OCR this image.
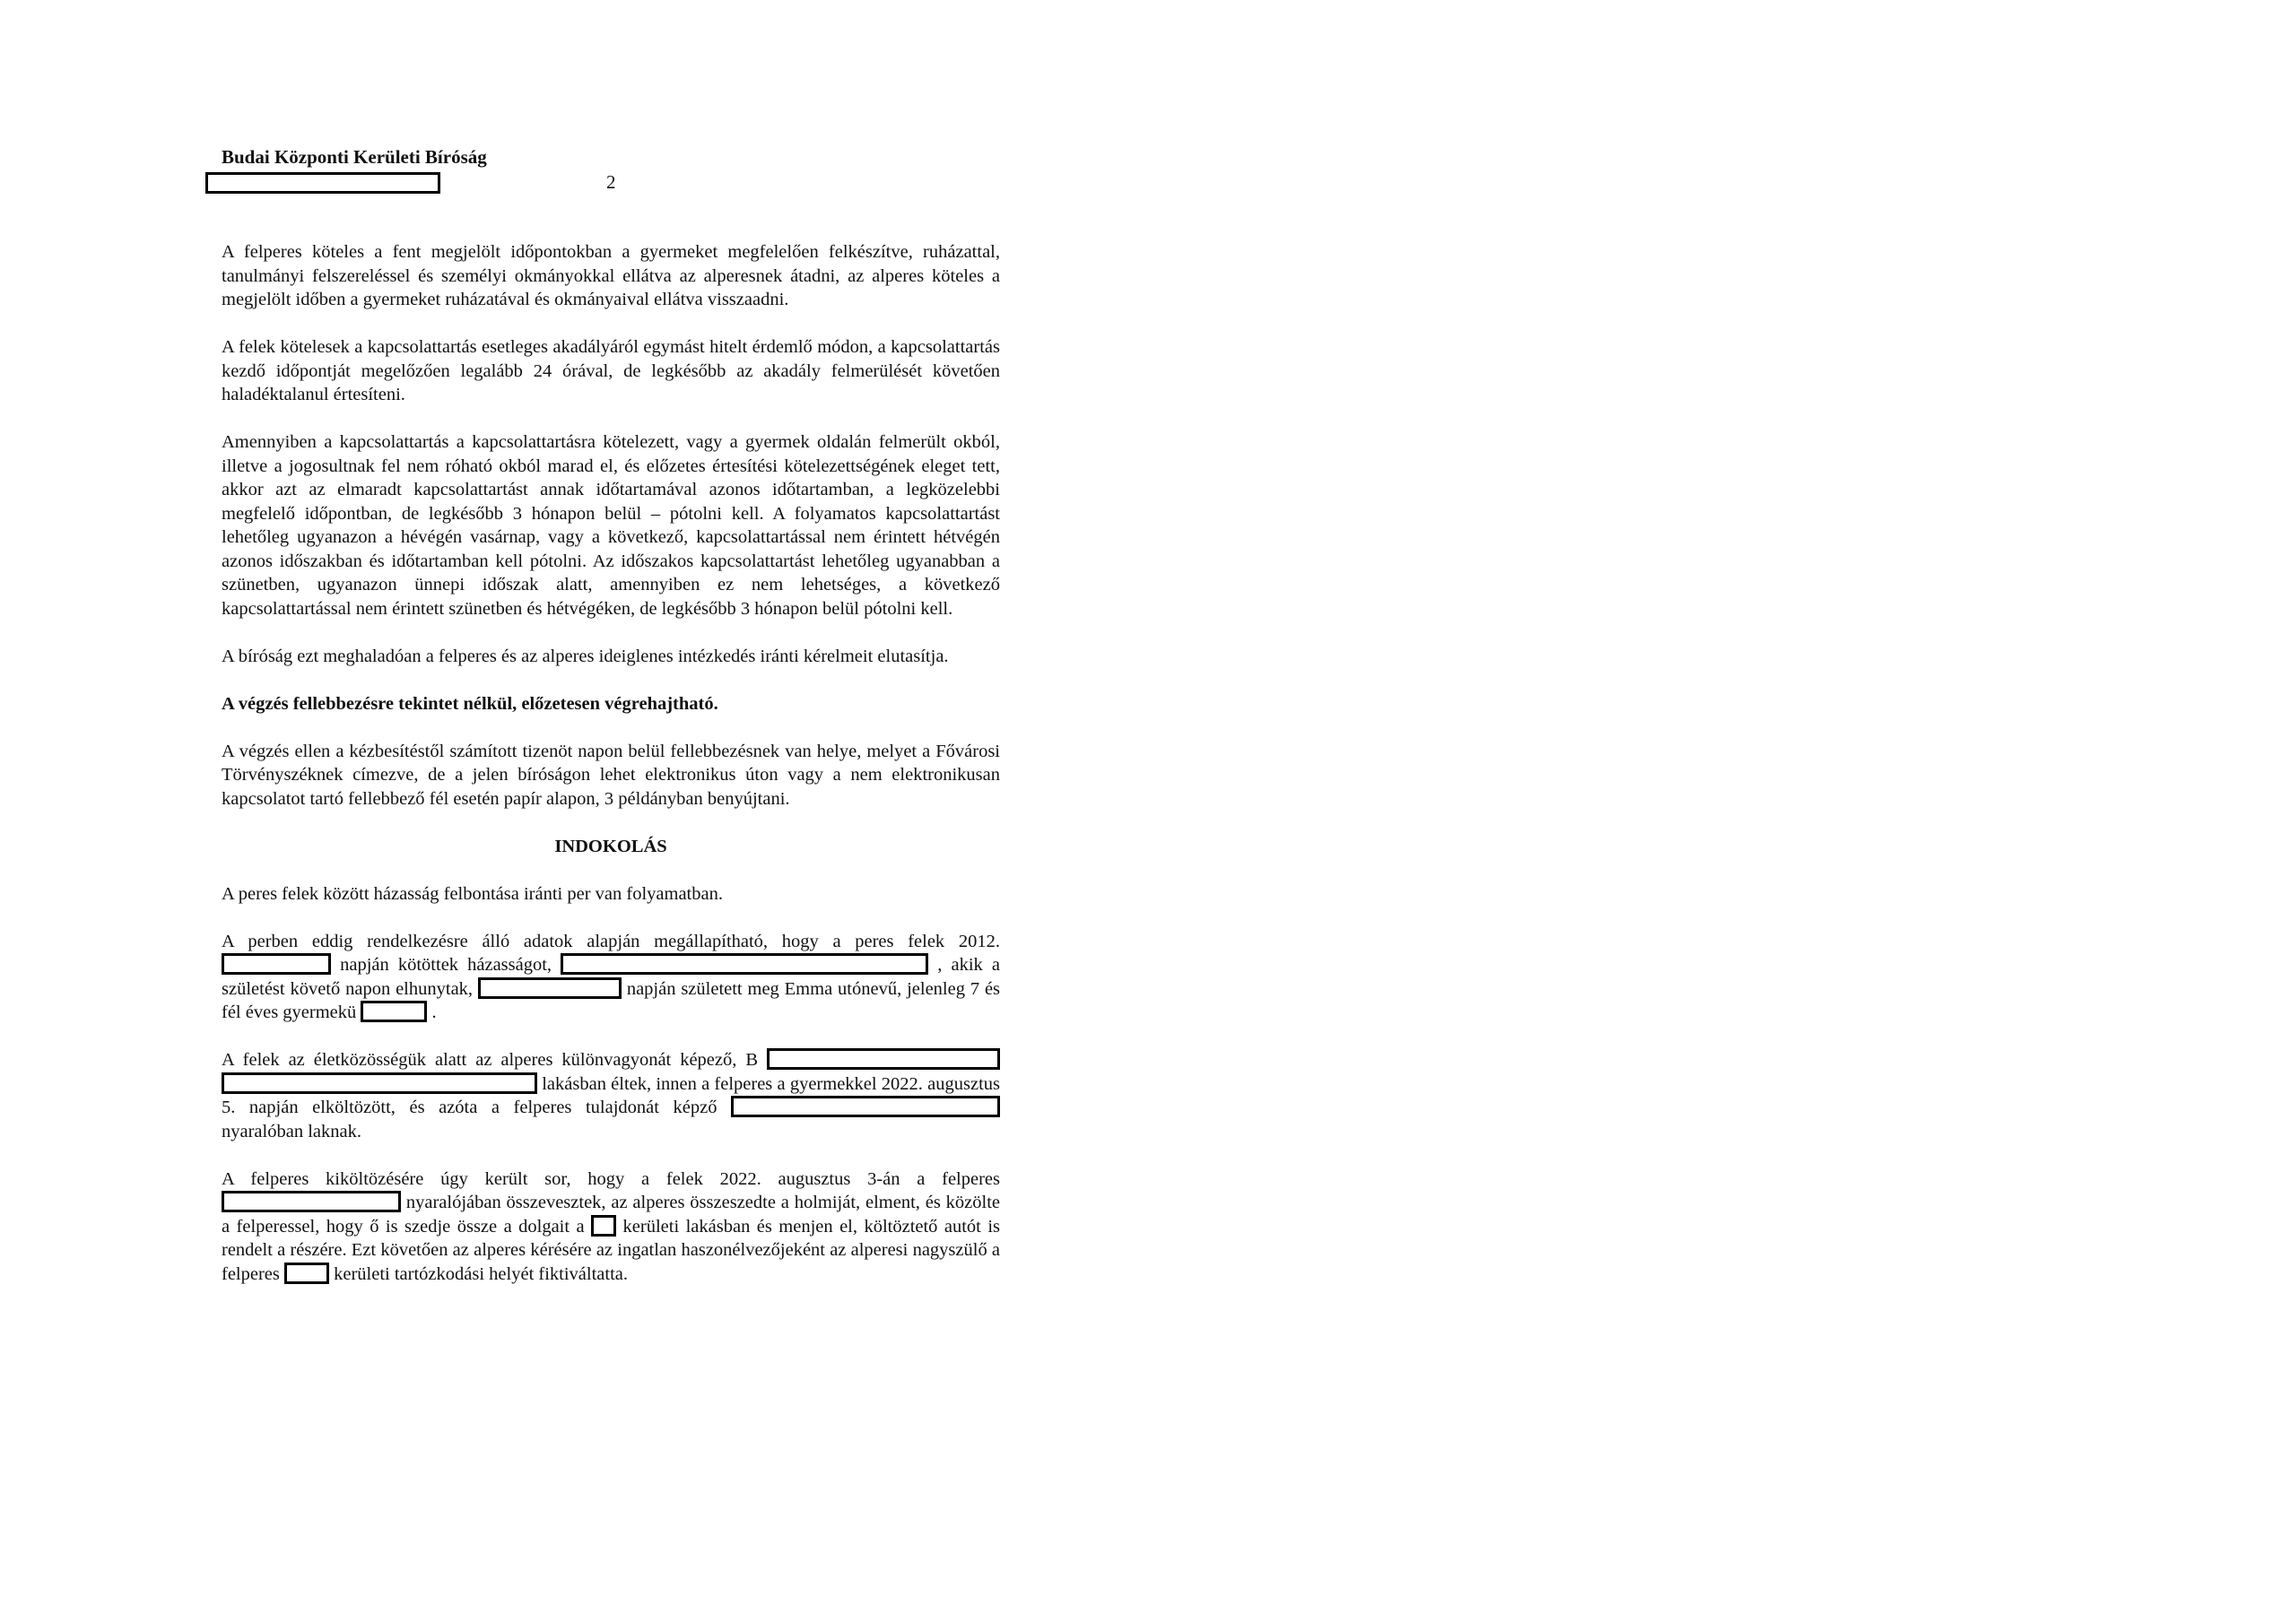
Budai Központi Kerületi Bíróság
2

A felperes köteles a fent megjelölt időpontokban a gyermeket megfelelően felkészítve, ruházattal, tanulmányi felszereléssel és személyi okmányokkal ellátva az alperesnek átadni, az alperes köteles a megjelölt időben a gyermeket ruházatával és okmányaival ellátva visszaadni.

A felek kötelesek a kapcsolattartás esetleges akadályáról egymást hitelt érdemlő módon, a kapcsolattartás kezdő időpontját megelőzően legalább 24 órával, de legkésőbb az akadály felmerülését követően haladéktalanul értesíteni.

Amennyiben a kapcsolattartás a kapcsolattartásra kötelezett, vagy a gyermek oldalán felmerült okból, illetve a jogosultnak fel nem róható okból marad el, és előzetes értesítési kötelezettségének eleget tett, akkor azt az elmaradt kapcsolattartást annak időtartamával azonos időtartamban, a legközelebbi megfelelő időpontban, de legkésőbb 3 hónapon belül – pótolni kell. A folyamatos kapcsolattartást lehetőleg ugyanazon a hévégén vasárnap, vagy a következő, kapcsolattartással nem érintett hétvégén azonos időszakban és időtartamban kell pótolni. Az időszakos kapcsolattartást lehetőleg ugyanabban a szünetben, ugyanazon ünnepi időszak alatt, amennyiben ez nem lehetséges, a következő kapcsolattartással nem érintett szünetben és hétvégéken, de legkésőbb 3 hónapon belül pótolni kell.

A bíróság ezt meghaladóan a felperes és az alperes ideiglenes intézkedés iránti kérelmeit elutasítja.

A végzés fellebbezésre tekintet nélkül, előzetesen végrehajtható.

A végzés ellen a kézbesítéstől számított tizenöt napon belül fellebbezésnek van helye, melyet a Fővárosi Törvényszéknek címezve, de a jelen bíróságon lehet elektronikus úton vagy a nem elektronikusan kapcsolatot tartó fellebbező fél esetén papír alapon, 3 példányban benyújtani.

INDOKOLÁS

A peres felek között házasság felbontása iránti per van folyamatban.

A perben eddig rendelkezésre álló adatok alapján megállapítható, hogy a peres felek 2012.  napján kötöttek házasságot,	, akik a születést követő napon elhunytak,	napján született meg Emma utónevű, jelenleg 7 és fél éves gyermekü	.

A felek az életközösségük alatt az alperes különvagyonát képező, B   lakásban éltek, innen a felperes a gyermekkel 2022. augusztus 5. napján elköltözött, és azóta a felperes tulajdonát képző  nyaralóban laknak.

A felperes kiköltözésére úgy került sor, hogy a felek 2022. augusztus 3-án a felperes  nyaralójában összevesztek, az alperes összeszedte a holmiját, elment, és közölte a felperessel, hogy ő is szedje össze a dolgait a kerületi lakásban és menjen el, költöztető autót is rendelt a részére. Ezt követően az alperes kérésére az ingatlan haszonélvezőjeként az alperesi nagyszülő a felperes	kerületi tartózkodási helyét fiktiváltatta.
